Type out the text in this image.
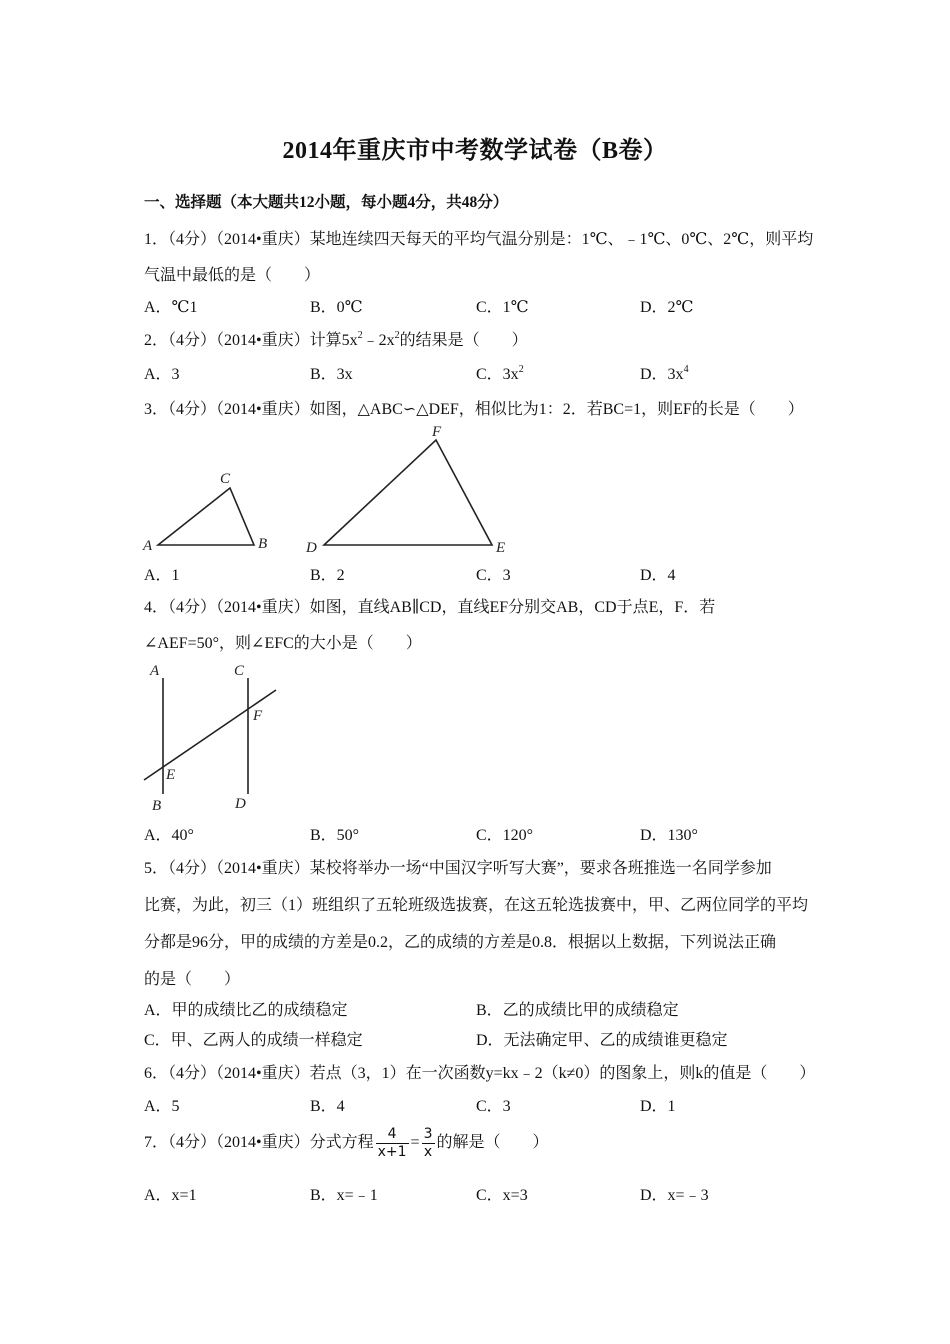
2014年重庆市中考数学试卷（B卷）
一、选择题（本大题共12小题，每小题4分，共48分）
1．（4分）（2014•重庆）某地连续四天每天的平均气温分别是：1℃、﹣1℃、0℃、2℃，则平均
气温中最低的是（　　）
A．℃1	B．0℃	C．1℃	D．2℃
2．（4分）（2014•重庆）计算$5x^2﹣2x^2$的结果是（　　）
A．3	B．3x	C．$3x^2$	D．$3x^4$
3．（4分）（2014•重庆）如图，△ABC∽△DEF，相似比为1：2．若BC=1，则EF的长是（　　）
A	B
C
D	E
F
A．1	B．2	C．3	D．4
4．（4分）（2014•重庆）如图，直线AB∥CD，直线EF分别交AB，CD于点E，F．若
∠AEF=50°，则∠EFC的大小是（　　）
A
B
C
D
E
F
A．40°	B．50°	C．120°	D．130°
5．（4分）（2014•重庆）某校将举办一场“中国汉字听写大赛”，要求各班推选一名同学参加
比赛，为此，初三（1）班组织了五轮班级选拔赛，在这五轮选拔赛中，甲、乙两位同学的平均
分都是96分，甲的成绩的方差是0.2，乙的成绩的方差是0.8．根据以上数据，下列说法正确
的是（　　）
A．甲的成绩比乙的成绩稳定	B．乙的成绩比甲的成绩稳定
C．甲、乙两人的成绩一样稳定	D．无法确定甲、乙的成绩谁更稳定
6．（4分）（2014•重庆）若点（3，1）在一次函数y=kx﹣2（k≠0）的图象上，则k的值是（　　）
A．5	B．4	C．3	D．1
7．（4分）（2014•重庆）分式方程 $\frac{4}{x+1} = \frac{3}{x}$ 的解是（　　）
A．x=1	B．x=﹣1	C．x=3	D．x=﹣3
